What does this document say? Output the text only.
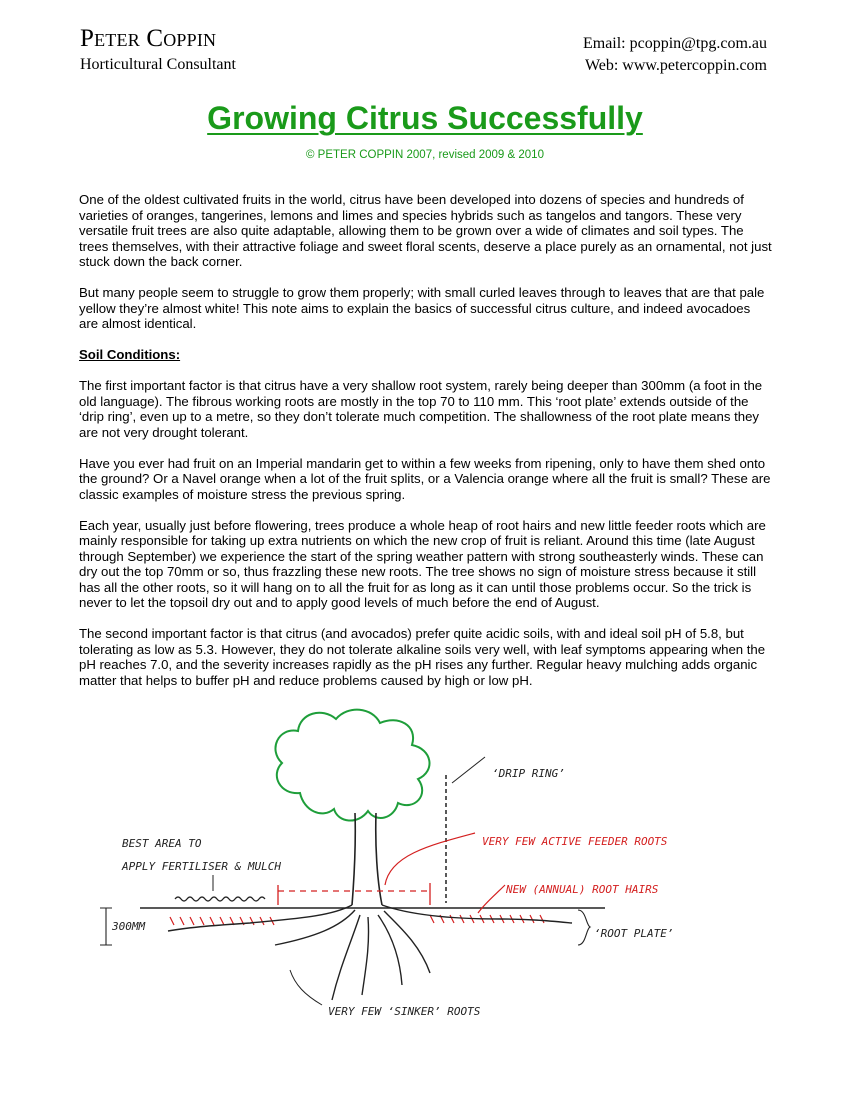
Peter Coppin
Horticultural Consultant
Email: pcoppin@tpg.com.au
Web: www.petercoppin.com
Growing Citrus Successfully
© PETER COPPIN 2007, revised 2009 & 2010

One of the oldest cultivated fruits in the world, citrus have been developed into dozens of species and hundreds of varieties of oranges, tangerines, lemons and limes and species hybrids such as tangelos and tangors. These very versatile fruit trees are also quite adaptable, allowing them to be grown over a wide of climates and soil types. The trees themselves, with their attractive foliage and sweet floral scents, deserve a place purely as an ornamental, not just stuck down the back corner.

But many people seem to struggle to grow them properly; with small curled leaves through to leaves that are that pale yellow they’re almost white! This note aims to explain the basics of successful citrus culture, and indeed avocadoes are almost identical.

Soil Conditions:

The first important factor is that citrus have a very shallow root system, rarely being deeper than 300mm (a foot in the old language). The fibrous working roots are mostly in the top 70 to 110 mm. This ‘root plate’ extends outside of the ‘drip ring’, even up to a metre, so they don’t tolerate much competition. The shallowness of the root plate means they are not very drought tolerant.

Have you ever had fruit on an Imperial mandarin get to within a few weeks from ripening, only to have them shed onto the ground? Or a Navel orange when a lot of the fruit splits, or a Valencia orange where all the fruit is small? These are classic examples of moisture stress the previous spring.

Each year, usually just before flowering, trees produce a whole heap of root hairs and new little feeder roots which are mainly responsible for taking up extra nutrients on which the new crop of fruit is reliant. Around this time (late August through September) we experience the start of the spring weather pattern with strong southeasterly winds. These can dry out the top 70mm or so, thus frazzling these new roots. The tree shows no sign of moisture stress because it still has all the other roots, so it will hang on to all the fruit for as long as it can until those problems occur. So the trick is never to let the topsoil dry out and to apply good levels of much before the end of August.

The second important factor is that citrus (and avocados) prefer quite acidic soils, with and ideal soil pH of 5.8, but tolerating as low as 5.3. However, they do not tolerate alkaline soils very well, with leaf symptoms appearing when the pH reaches 7.0, and the severity increases rapidly as the pH rises any further. Regular heavy mulching adds organic matter that helps to buffer pH and reduce problems caused by high or low pH.

‘DRIP RING’
BEST AREA TO
APPLY FERTILISER & MULCH
VERY FEW ACTIVE FEEDER ROOTS
NEW (ANNUAL) ROOT HAIRS
300MM
‘ROOT PLATE’
VERY FEW ‘SINKER’ ROOTS
